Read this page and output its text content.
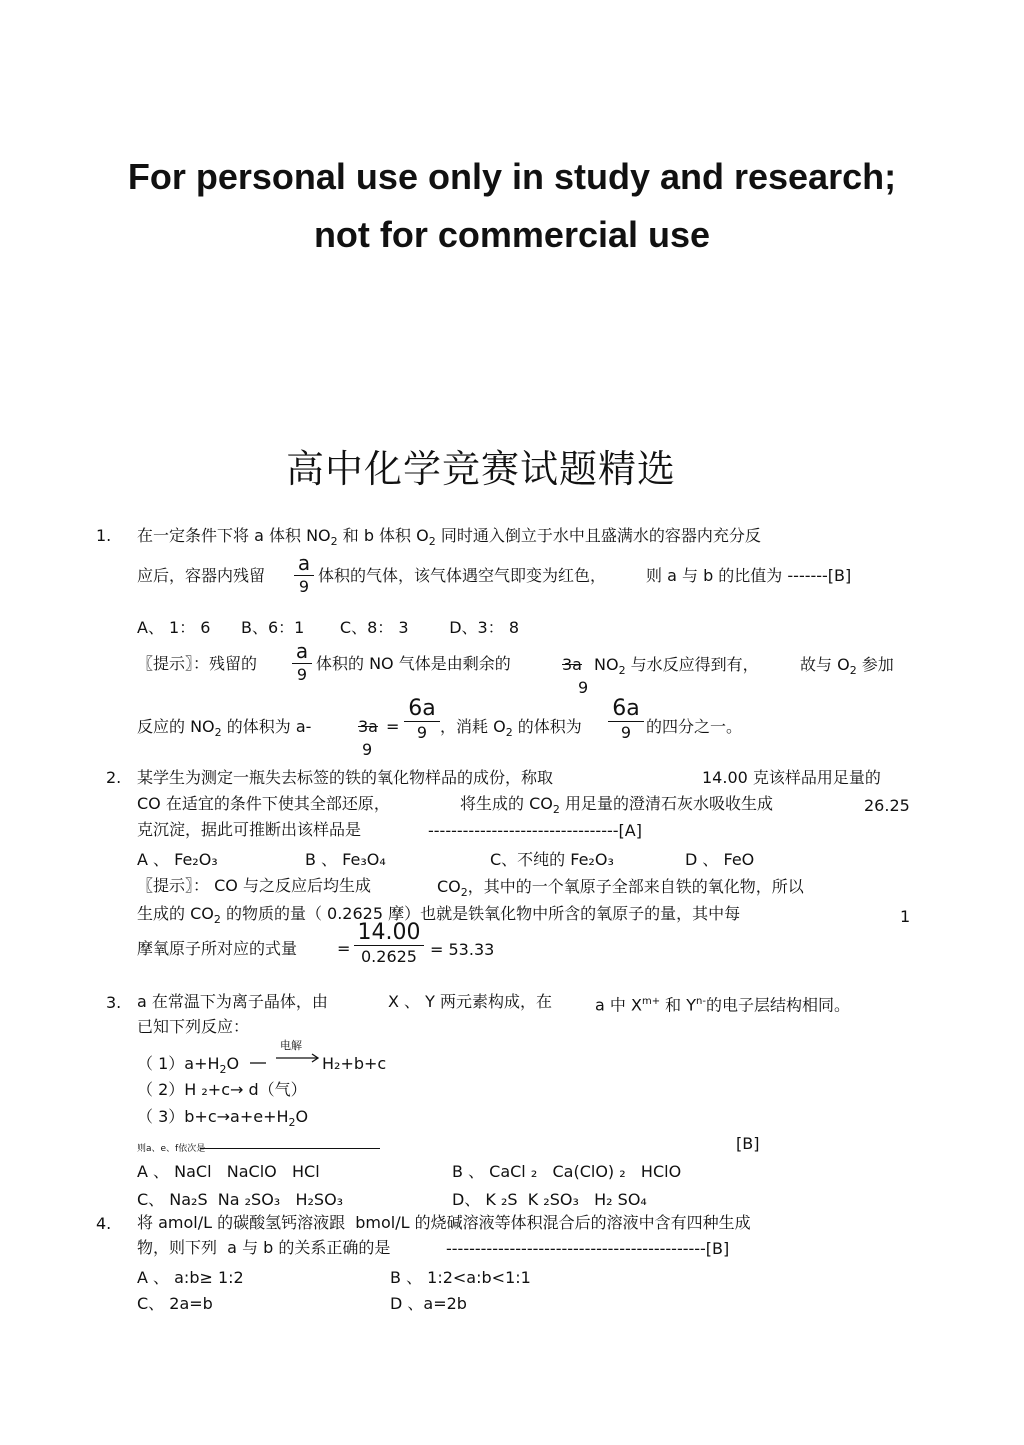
For personal use only in study and research;
not for commercial use
高中化学竞赛试题精选
1. 在一定条件下将 a 体积 $NO_2$ 和 b 体积 $O_2$ 同时通入倒立于水中且盛满水的容器内充分反
应后，容器内残留
a
9
体积的气体，该气体遇空气即变为红色， 则 a 与 b 的比值为 -------[B]
A、 1： 6      B、6：1       C、8： 3        D、3： 8
〖提示〗：残留的
a
9
体积的 NO 气体是由剩余的	3a
9
$NO_2$ 与水反应得到有，	故与 $O_2$ 参加
反应的 $NO_2$ 的体积为 a-	3a
9
=
6a
9 ，消耗 $O_2$ 的体积为
6a
9 的四分之一。
2. 某学生为测定一瓶失去标签的铁的氧化物样品的成份，称取	14.00 克该样品用足量的
CO 在适宜的条件下使其全部还原，	将生成的 $CO_2$ 用足量的澄清石灰水吸收生成	26.25
克沉淀，据此可推断出该样品是	---------------------------------[A]
A 、 Fe₂O₃	B 、 Fe₃O₄	C、不纯的 Fe₂O₃	D 、 FeO
〖提示〗： CO 与之反应后均生成	$CO_2$，其中的一个氧原子全部来自铁的氧化物，所以
生成的 $CO_2$ 的物质的量（ 0.2625 摩）也就是铁氧化物中所含的氧原子的量，其中每	1
摩氧原子所对应的式量 =
14.00
0.2625 = 53.33
3. a 在常温下为离子晶体，由	X 、 Y 两元素构成，在	a 中 $X^{m+}$ 和 $Y^{n-}$的电子层结构相同。
已知下列反应：
电解
（ $1)a+H_2O$	H₂+b+c
（ 2）H ₂+c→ d（气）
（ $3)b+c\to a+e+H_2O$
则a、e、f依次是	[B]
A 、 NaCl   NaClO   HCl	B 、 CaCl ₂   Ca(ClO) ₂   HClO
C、 Na₂S  Na ₂SO₃   H₂SO₃	D、 K ₂S  K ₂SO₃   H₂ SO₄
4. 将 amol/L 的碳酸氢钙溶液跟  bmol/L 的烧碱溶液等体积混合后的溶液中含有四种生成
物，则下列  a 与 b 的关系正确的是	---------------------------------------------[B]
A 、 a:b≥ 1:2	B 、 1:2<a:b<1:1
C、 2a=b	D 、a=2b
